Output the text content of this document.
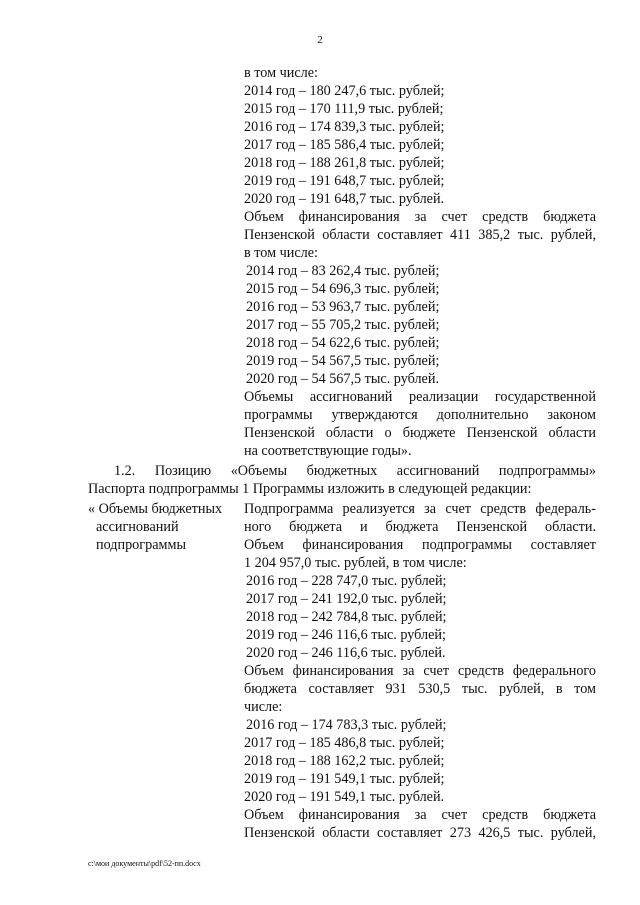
2
в том числе:
2014 год – 180 247,6 тыс. рублей;
2015 год – 170 111,9 тыс. рублей;
2016 год – 174 839,3 тыс. рублей;
2017 год – 185 586,4 тыс. рублей;
2018 год – 188 261,8 тыс. рублей;
2019 год – 191 648,7 тыс. рублей;
2020 год – 191 648,7 тыс. рублей.
Объем финансирования за счет средств бюджета
Пензенской области составляет 411 385,2 тыс. рублей,
в том числе:
2014 год – 83 262,4 тыс. рублей;
2015 год – 54 696,3 тыс. рублей;
2016 год – 53 963,7 тыс. рублей;
2017 год – 55 705,2 тыс. рублей;
2018 год – 54 622,6 тыс. рублей;
2019 год – 54 567,5 тыс. рублей;
2020 год – 54 567,5 тыс. рублей.
Объемы ассигнований реализации государственной
программы утверждаются дополнительно законом
Пензенской области о бюджете Пензенской области
на соответствующие годы».
1.2. Позицию «Объемы бюджетных ассигнований подпрограммы»
Паспорта подпрограммы 1 Программы изложить в следующей редакции:
« Объемы бюджетных
ассигнований
подпрограммы
Подпрограмма реализуется за счет средств федераль-
ного бюджета и бюджета Пензенской области.
Объем финансирования подпрограммы составляет
1 204 957,0 тыс. рублей, в том числе:
2016 год – 228 747,0 тыс. рублей;
2017 год – 241 192,0 тыс. рублей;
2018 год – 242 784,8 тыс. рублей;
2019 год – 246 116,6 тыс. рублей;
2020 год – 246 116,6 тыс. рублей.
Объем финансирования за счет средств федерального
бюджета составляет 931 530,5 тыс. рублей, в том
числе:
2016 год – 174 783,3 тыс. рублей;
2017 год – 185 486,8 тыс. рублей;
2018 год – 188 162,2 тыс. рублей;
2019 год – 191 549,1 тыс. рублей;
2020 год – 191 549,1 тыс. рублей.
Объем финансирования за счет средств бюджета
Пензенской области составляет 273 426,5 тыс. рублей,
c:\мои документы\pdf\52-пп.docx
